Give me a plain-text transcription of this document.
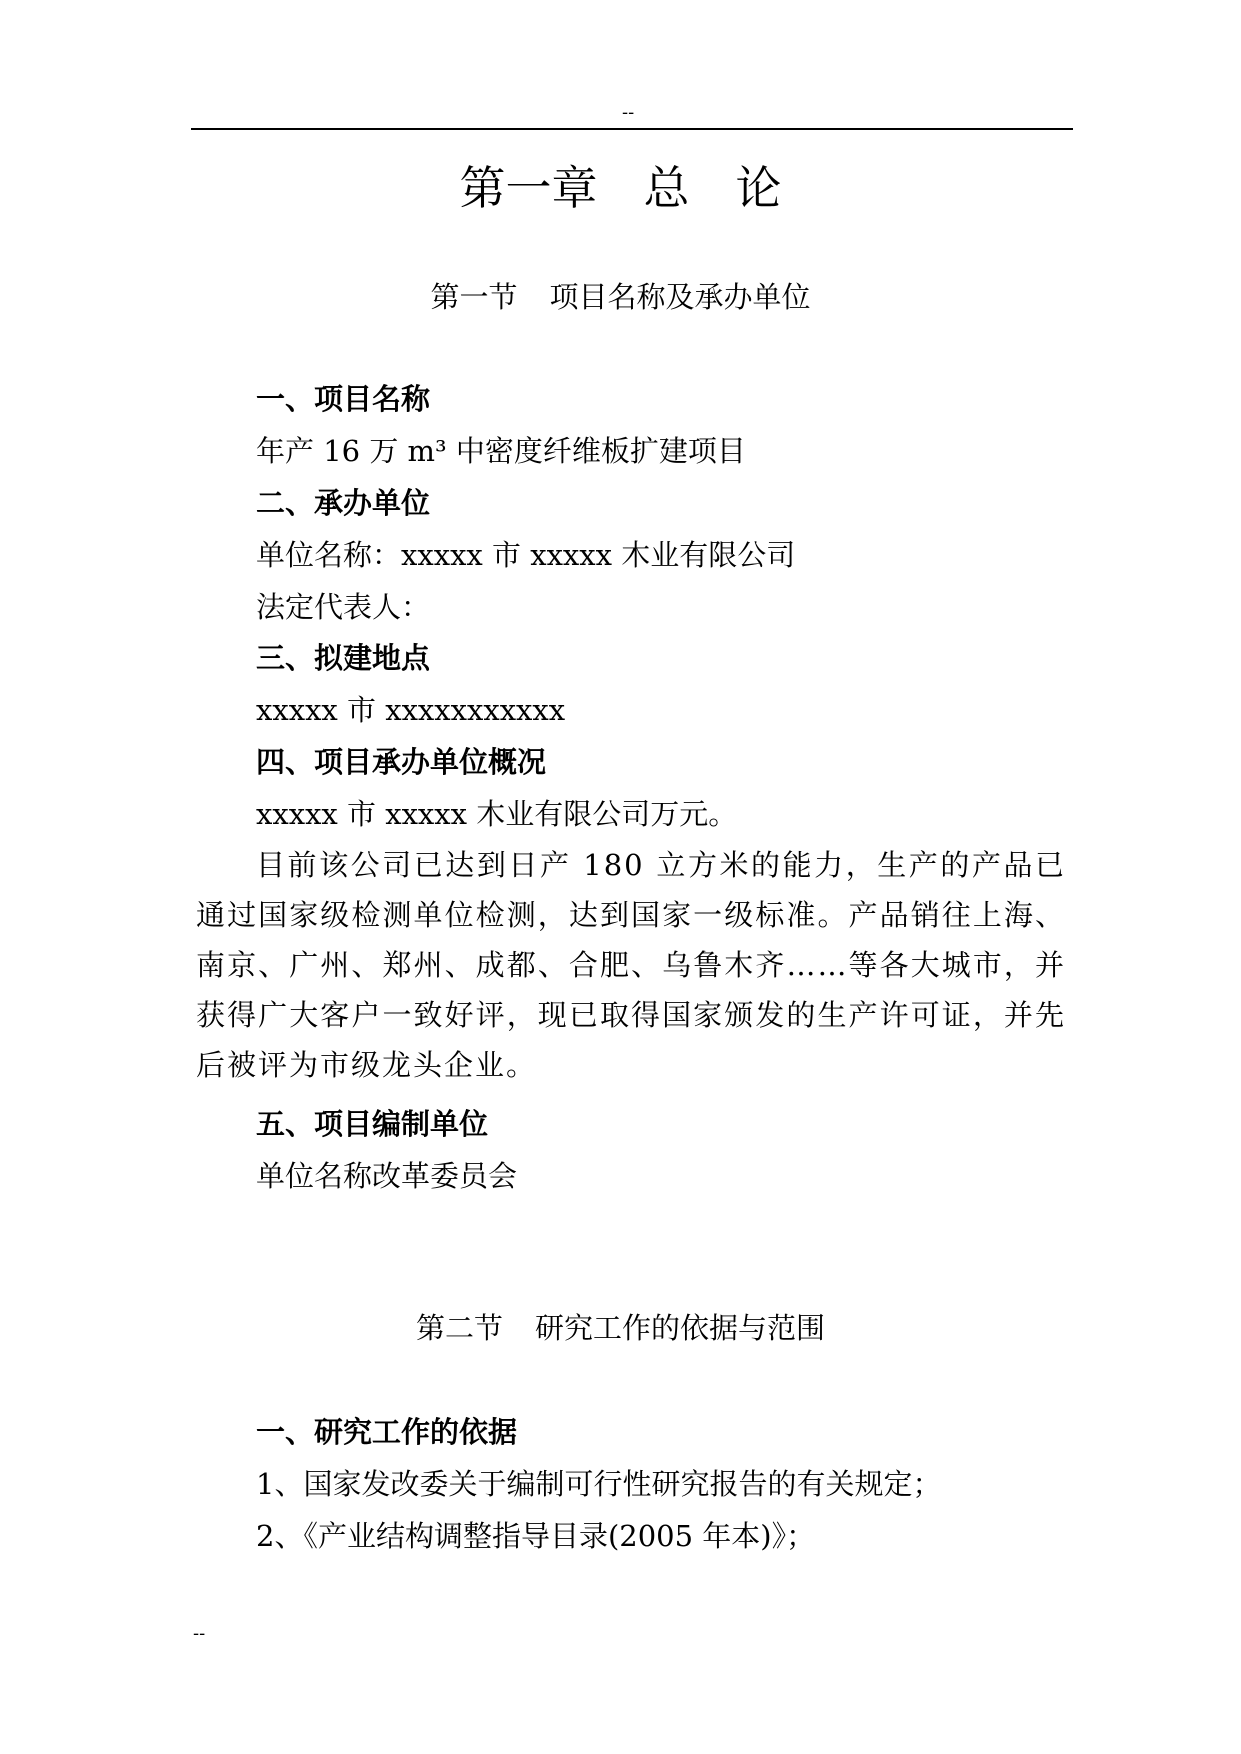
--
第一章 总 论
第一节 项目名称及承办单位
一、项目名称
年产 16 万 m³ 中密度纤维板扩建项目
二、承办单位
单位名称：xxxxx 市 xxxxx 木业有限公司
法定代表人：
三、拟建地点
xxxxx 市 xxxxxxxxxxx
四、项目承办单位概况
xxxxx 市 xxxxx 木业有限公司万元。
目前该公司已达到日产 180 立方米的能力，生产的产品已通过国家级检测单位检测，达到国家一级标准。产品销往上海、南京、广州、郑州、成都、合肥、乌鲁木齐……等各大城市，并获得广大客户一致好评，现已取得国家颁发的生产许可证，并先后被评为市级龙头企业。
五、项目编制单位
单位名称改革委员会
第二节 研究工作的依据与范围
一、研究工作的依据
1、国家发改委关于编制可行性研究报告的有关规定；
2、《产业结构调整指导目录(2005 年本)》；
--
